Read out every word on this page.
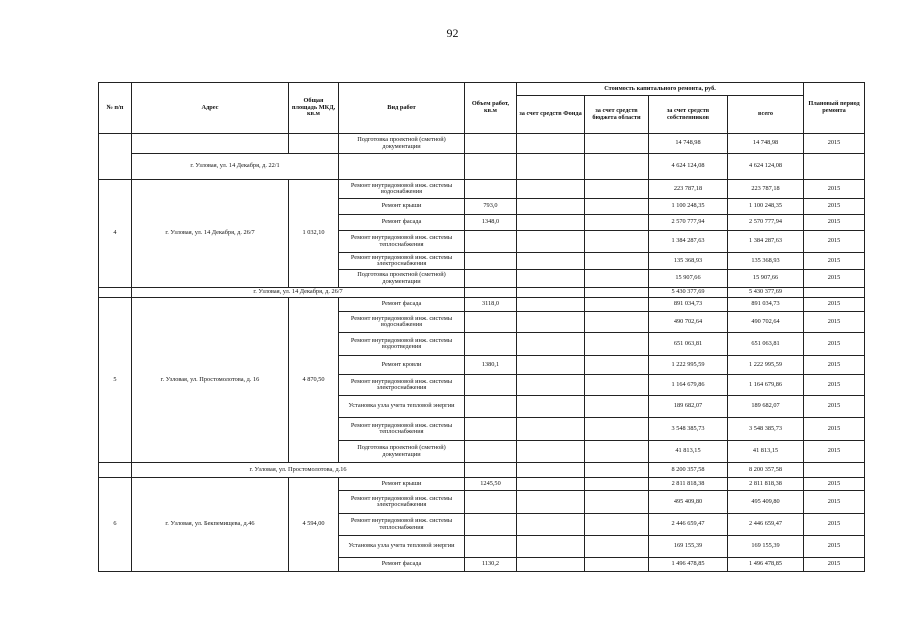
92
№ п/п	Адрес	Общая площадь МКД, кв.м	Вид работ	Объем работ, кв.м	Стоимость капитального ремонта, руб.				Плановый период ремонта
					за счет средств Фонда	за счет средств бюджета области	за счет средств собственников	всего	
			Подготовка проектной (сметной) документации				14 748,98	14 748,98	2015
	г. Узловая, ул. 14 Декабря, д. 22/1						4 624 124,08	4 624 124,08	
4	г. Узловая, ул. 14 Декабря, д. 26/7	1 032,10	Ремонт внутридомовой инж. системы водоснабжения				223 787,18	223 787,18	2015
			Ремонт крыши	793,0			1 100 248,35	1 100 248,35	2015
			Ремонт фасада	1348,0			2 570 777,94	2 570 777,94	2015
			Ремонт внутридомовой инж. системы теплоснабжения				1 384 287,63	1 384 287,63	2015
			Ремонт внутридомовой инж. системы электроснабжения				135 368,93	135 368,93	2015
			Подготовка проектной (сметной) документации				15 907,66	15 907,66	2015
	г. Узловая, ул. 14 Декабря, д. 26/7						5 430 377,69	5 430 377,69	
5	г. Узловая, ул. Простомолотова, д. 16	4 870,50	Ремонт фасада	3118,0			891 034,73	891 034,73	2015
			Ремонт внутридомовой инж. системы водоснабжения				490 702,64	490 702,64	2015
			Ремонт внутридомовой инж. системы водоотведения				651 063,81	651 063,81	2015
			Ремонт кровли	1380,1			1 222 995,59	1 222 995,59	2015
			Ремонт внутридомовой инж. системы электроснабжения				1 164 679,86	1 164 679,86	2015
			Установка узла учета тепловой энергии				189 682,07	189 682,07	2015
			Ремонт внутридомовой инж. системы теплоснабжения				3 548 385,73	3 548 385,73	2015
			Подготовка проектной (сметной) документации				41 813,15	41 813,15	2015
	г. Узловая, ул. Простомолотова, д.16						8 200 357,58	8 200 357,58	
6	г. Узловая, ул. Бекпемищева, д.46	4 594,00	Ремонт крыши	1245,50			2 811 818,38	2 811 818,38	2015
			Ремонт внутридомовой инж. системы электроснабжения				495 409,80	495 409,80	2015
			Ремонт внутридомовой инж. системы теплоснабжения				2 446 659,47	2 446 659,47	2015
			Установка узла учета тепловой энергии				169 155,39	169 155,39	2015
			Ремонт фасада	1130,2			1 496 478,85	1 496 478,85	2015
